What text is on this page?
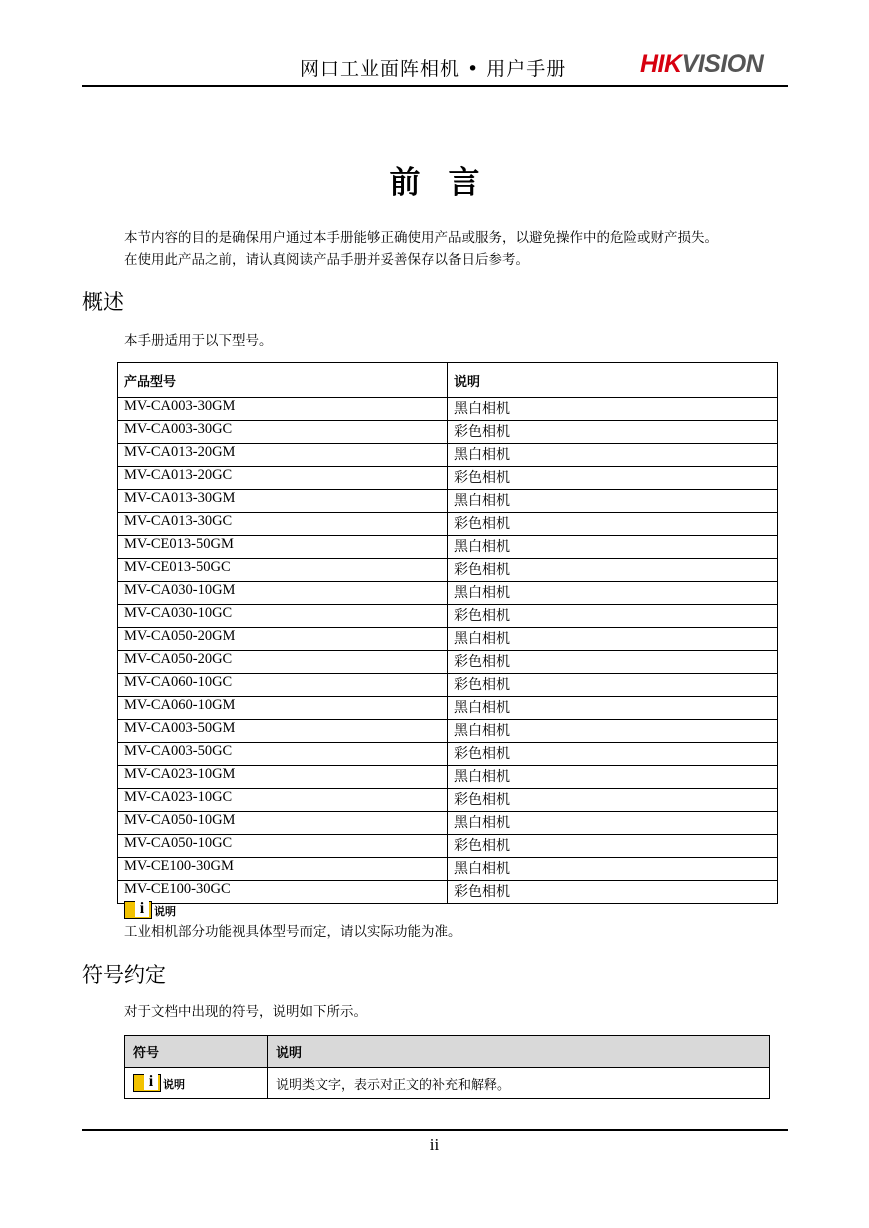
网口工业面阵相机 • 用户手册	HIKVISION
前言
本节内容的目的是确保用户通过本手册能够正确使用产品或服务，以避免操作中的危险或财产损失。
在使用此产品之前，请认真阅读产品手册并妥善保存以备日后参考。
概述
本手册适用于以下型号。
产品型号	说明
MV-CA003-30GM	黑白相机
MV-CA003-30GC	彩色相机
MV-CA013-20GM	黑白相机
MV-CA013-20GC	彩色相机
MV-CA013-30GM	黑白相机
MV-CA013-30GC	彩色相机
MV-CE013-50GM	黑白相机
MV-CE013-50GC	彩色相机
MV-CA030-10GM	黑白相机
MV-CA030-10GC	彩色相机
MV-CA050-20GM	黑白相机
MV-CA050-20GC	彩色相机
MV-CA060-10GC	彩色相机
MV-CA060-10GM	黑白相机
MV-CA003-50GM	黑白相机
MV-CA003-50GC	彩色相机
MV-CA023-10GM	黑白相机
MV-CA023-10GC	彩色相机
MV-CA050-10GM	黑白相机
MV-CA050-10GC	彩色相机
MV-CE100-30GM	黑白相机
MV-CE100-30GC	彩色相机
i说明
工业相机部分功能视具体型号而定，请以实际功能为准。
符号约定
对于文档中出现的符号，说明如下所示。
符号	说明
i说明	说明类文字，表示对正文的补充和解释。
ii
